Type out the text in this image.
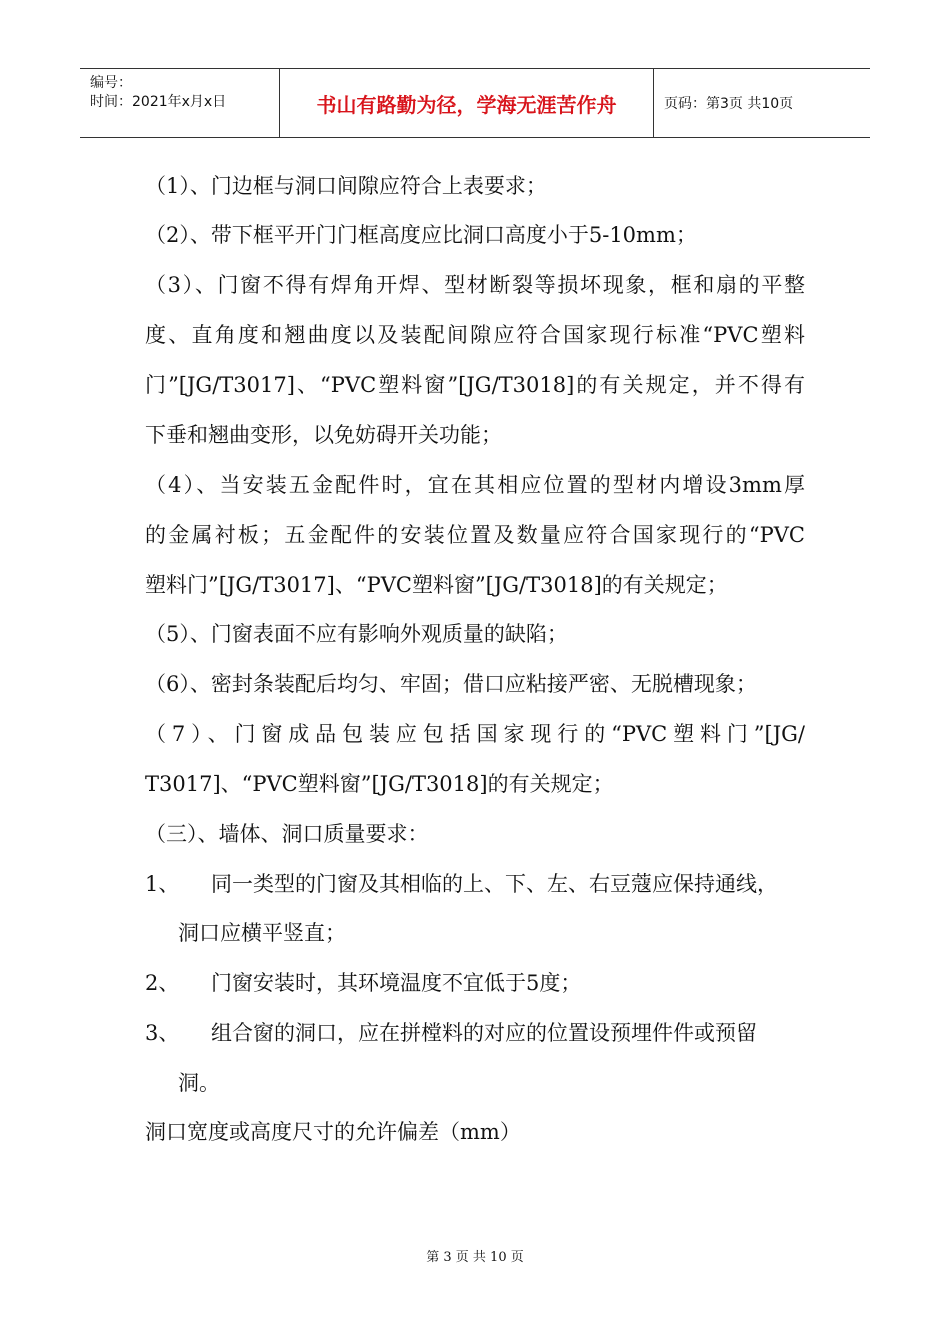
编号：
时间：2021年x月x日	书山有路勤为径，学海无涯苦作舟	页码：第3页 共10页
（1）、门边框与洞口间隙应符合上表要求；
（2）、带下框平开门门框高度应比洞口高度小于5-10mm；
（3）、门窗不得有焊角开焊、型材断裂等损坏现象，框和扇的平整
度、直角度和翘曲度以及装配间隙应符合国家现行标准“PVC塑料
门”[JG/T3017]、“PVC塑料窗”[JG/T3018]的有关规定，并不得有
下垂和翘曲变形，以免妨碍开关功能；
（4）、当安装五金配件时，宜在其相应位置的型材内增设3mm厚
的金属衬板；五金配件的安装位置及数量应符合国家现行的“PVC
塑料门”[JG/T3017]、“PVC塑料窗”[JG/T3018]的有关规定；
（5）、门窗表面不应有影响外观质量的缺陷；
（6）、密封条装配后均匀、牢固；借口应粘接严密、无脱槽现象；
（7）、门窗成品包装应包括国家现行的“PVC塑料门”[JG/
T3017]、“PVC塑料窗”[JG/T3018]的有关规定；
（三）、墙体、洞口质量要求：
1、 同一类型的门窗及其相临的上、下、左、右豆蔻应保持通线，
洞口应横平竖直；
2、 门窗安装时，其环境温度不宜低于5度；
3、 组合窗的洞口，应在拼樘料的对应的位置设预埋件件或预留
洞。
洞口宽度或高度尺寸的允许偏差（mm）
第 3 页 共 10 页
